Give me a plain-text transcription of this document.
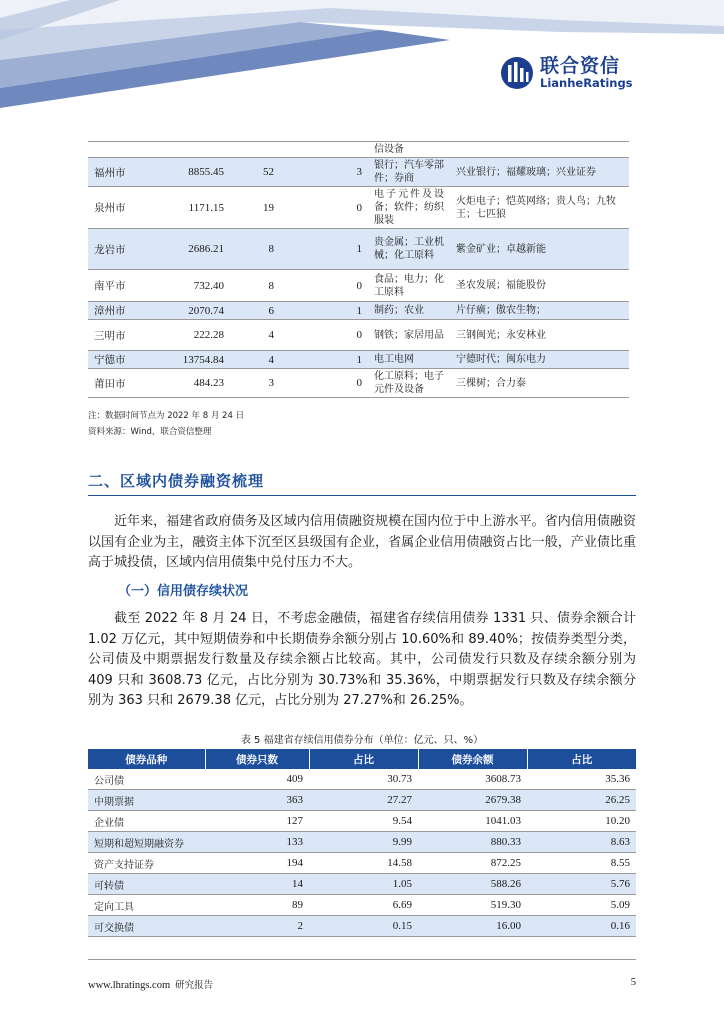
联合资信
LianheRatings
				信设备	
福州市	8855.45	52	3	银行；汽车零部件；券商	兴业银行；福耀玻璃；兴业证券
泉州市	1171.15	19	0	电子元件及设备；软件；纺织服装	火炬电子；恺英网络；贵人鸟；九牧王；七匹狼
龙岩市	2686.21	8	1	贵金属；工业机械；化工原料	紫金矿业；卓越新能
南平市	732.40	8	0	食品；电力；化工原料	圣农发展；福能股份
漳州市	2070.74	6	1	制药；农业	片仔癀；傲农生物；
三明市	222.28	4	0	钢铁；家居用品	三钢闽光；永安林业
宁德市	13754.84	4	1	电工电网	宁德时代；闽东电力
莆田市	484.23	3	0	化工原料；电子元件及设备	三棵树；合力泰
注：数据时间节点为 2022 年 8 月 24 日
资料来源：Wind，联合资信整理
二、区域内债券融资梳理

近年来，福建省政府债务及区域内信用债融资规模在国内位于中上游水平。省内信用债融资以国有企业为主，融资主体下沉至区县级国有企业，省属企业信用债融资占比一般，产业债比重高于城投债，区域内信用债集中兑付压力不大。

（一）信用债存续状况

截至 2022 年 8 月 24 日，不考虑金融债，福建省存续信用债券 1331 只、债券余额合计 1.02 万亿元，其中短期债券和中长期债券余额分别占 10.60%和 89.40%；按债券类型分类，公司债及中期票据发行数量及存续余额占比较高。其中，公司债发行只数及存续余额分别为 409 只和 3608.73 亿元，占比分别为 30.73%和 35.36%，中期票据发行只数及存续余额分别为 363 只和 2679.38 亿元，占比分别为 27.27%和 26.25%。

表 5 福建省存续信用债券分布（单位：亿元、只、%）
债券品种	债券只数	占比	债券余额	占比
公司债	409	30.73	3608.73	35.36
中期票据	363	27.27	2679.38	26.25
企业债	127	9.54	1041.03	10.20
短期和超短期融资券	133	9.99	880.33	8.63
资产支持证券	194	14.58	872.25	8.55
可转债	14	1.05	588.26	5.76
定向工具	89	6.69	519.30	5.09
可交换债	2	0.15	16.00	0.16
www.lhratings.com 研究报告	5
